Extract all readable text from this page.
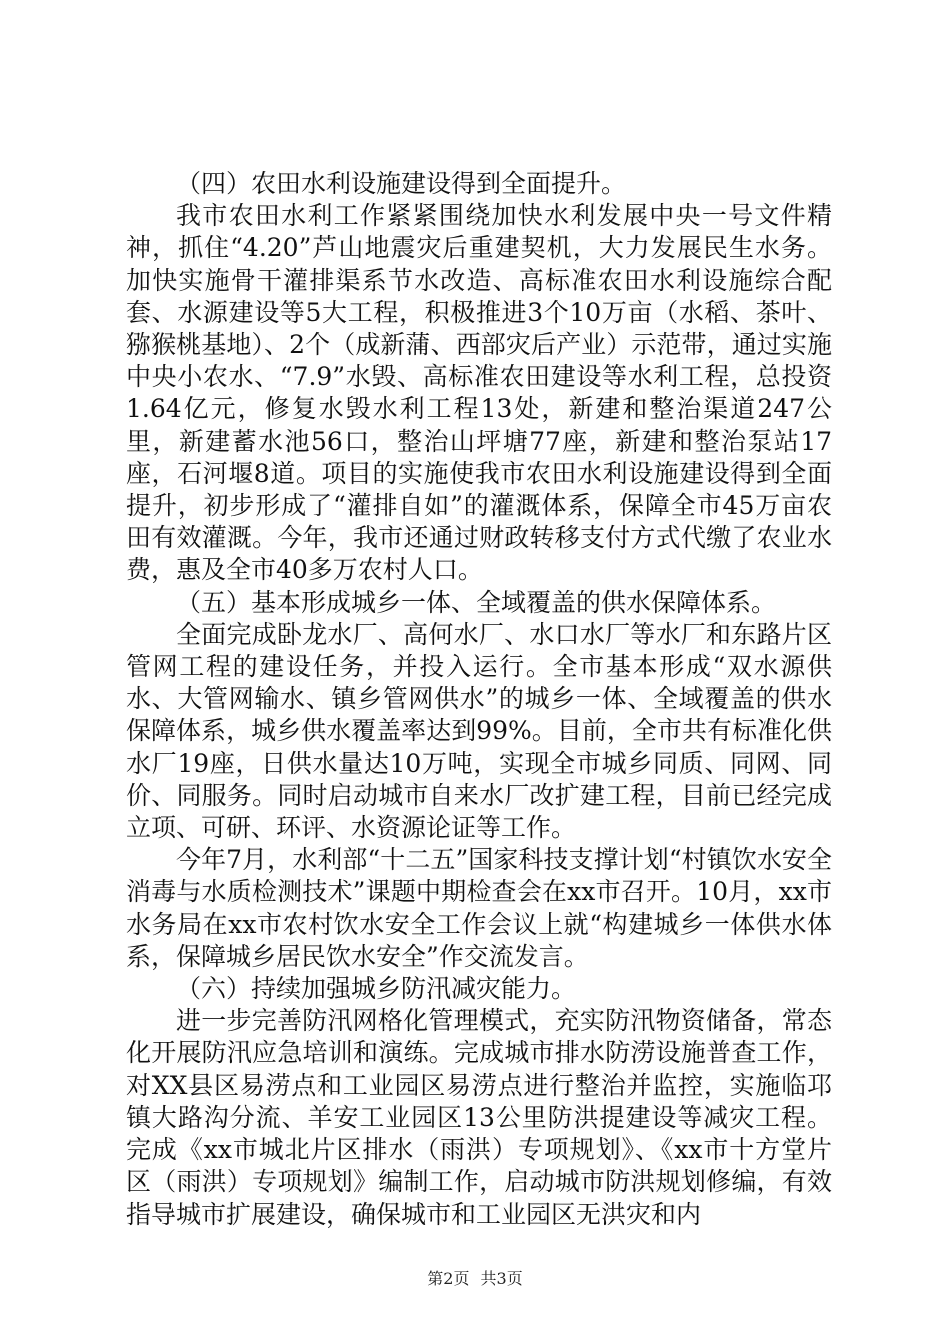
（四）农田水利设施建设得到全面提升。

我市农田水利工作紧紧围绕加快水利发展中央一号文件精神，抓住“4.20”芦山地震灾后重建契机，大力发展民生水务。加快实施骨干灌排渠系节水改造、高标准农田水利设施综合配套、水源建设等5大工程，积极推进3个10万亩（水稻、茶叶、猕猴桃基地）、2个（成新蒲、西部灾后产业）示范带，通过实施中央小农水、“7.9”水毁、高标准农田建设等水利工程，总投资1.64亿元，修复水毁水利工程13处，新建和整治渠道247公里，新建蓄水池56口，整治山坪塘77座，新建和整治泵站17座，石河堰8道。项目的实施使我市农田水利设施建设得到全面提升，初步形成了“灌排自如”的灌溉体系，保障全市45万亩农田有效灌溉。今年，我市还通过财政转移支付方式代缴了农业水费，惠及全市40多万农村人口。

（五）基本形成城乡一体、全域覆盖的供水保障体系。

全面完成卧龙水厂、高何水厂、水口水厂等水厂和东路片区管网工程的建设任务，并投入运行。全市基本形成“双水源供水、大管网输水、镇乡管网供水”的城乡一体、全域覆盖的供水保障体系，城乡供水覆盖率达到99%。目前，全市共有标准化供水厂19座，日供水量达10万吨，实现全市城乡同质、同网、同价、同服务。同时启动城市自来水厂改扩建工程，目前已经完成立项、可研、环评、水资源论证等工作。

今年7月，水利部“十二五”国家科技支撑计划“村镇饮水安全消毒与水质检测技术”课题中期检查会在xx市召开。10月，xx市水务局在xx市农村饮水安全工作会议上就“构建城乡一体供水体系，保障城乡居民饮水安全”作交流发言。

（六）持续加强城乡防汛减灾能力。

进一步完善防汛网格化管理模式，充实防汛物资储备，常态化开展防汛应急培训和演练。完成城市排水防涝设施普查工作，对XX县区易涝点和工业园区易涝点进行整治并监控，实施临邛镇大路沟分流、羊安工业园区13公里防洪提建设等减灾工程。完成《xx市城北片区排水（雨洪）专项规划》、《xx市十方堂片区（雨洪）专项规划》编制工作，启动城市防洪规划修编，有效指导城市扩展建设，确保城市和工业园区无洪灾和内

第2页 共3页
